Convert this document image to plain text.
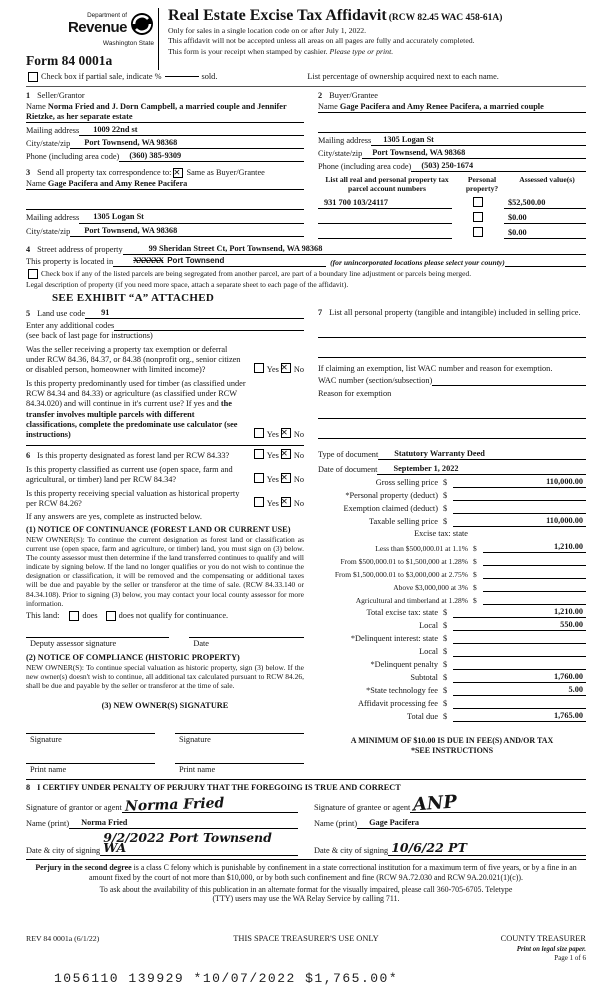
Department of
Revenue
Washington State
Form 84 0001a
Real Estate Excise Tax Affidavit (RCW 82.45 WAC 458-61A)
Only for sales in a single location code on or after July 1, 2022.
This affidavit will not be accepted unless all areas on all pages are fully and accurately completed.
This form is your receipt when stamped by cashier. Please type or print.
Check box if partial sale, indicate %	sold.	List percentage of ownership acquired next to each name.
1 Seller/Grantor
Name Norma Fried and J. Dorn Campbell, a married couple and Jennifer Rietzke, as her separate estate
Mailing address	1009 22nd st
City/state/zip	Port Townsend, WA 98368
Phone (including area code)	(360) 385-9309
3 Send all property tax correspondence to: × Same as Buyer/Grantee
Name Gage Pacifera and Amy Renee Pacifera
Mailing address	1305 Logan St
City/state/zip	Port Townsend, WA 98368
2 Buyer/Grantee
Name Gage Pacifera and Amy Renee Pacifera, a married couple
Mailing address	1305 Logan St
City/state/zip	Port Townsend, WA 98368
Phone (including area code)	(503) 250-1674
List all real and personal property tax parcel account numbers
Personal property?
Assessed value(s)
931 700 103/24117	$52,500.00
$0.00
$0.00
4 Street address of property	99 Sheridan Street Ct, Port Townsend, WA 98368
This property is located in	XXXXXX Port Townsend	(for unincorporated locations please select your county)
Check box if any of the listed parcels are being segregated from another parcel, are part of a boundary line adjustment or parcels being merged.
Legal description of property (if you need more space, attach a separate sheet to each page of the affidavit).
SEE EXHIBIT “A” ATTACHED
5 Land use code	91
Enter any additional codes
(see back of last page for instructions)
Was the seller receiving a property tax exemption or deferral under RCW 84.36, 84.37, or 84.38 (nonprofit org., senior citizen or disabled person, homeowner with limited income)?	Yes × No
Is this property predominantly used for timber (as classified under RCW 84.34 and 84.33) or agriculture (as classified under RCW 84.34.020) and will continue in it's current use? If yes and the transfer involves multiple parcels with different classifications, complete the predominate use calculator (see instructions)	Yes × No
6 Is this property designated as forest land per RCW 84.33?	Yes × No
Is this property classified as current use (open space, farm and agricultural, or timber) land per RCW 84.34?	Yes × No
Is this property receiving special valuation as historical property per RCW 84.26?	Yes × No
If any answers are yes, complete as instructed below.
(1) NOTICE OF CONTINUANCE (FOREST LAND OR CURRENT USE)
NEW OWNER(S): To continue the current designation as forest land or classification as current use (open space, farm and agriculture, or timber) land, you must sign on (3) below. The county assessor must then determine if the land transferred continues to qualify and will indicate by signing below. If the land no longer qualifies or you do not wish to continue the designation or classification, it will be removed and the compensating or additional taxes will be due and payable by the seller or transferor at the time of sale. (RCW 84.33.140 or 84.34.108). Prior to signing (3) below, you may contact your local county assessor for more information.
This land:	does	does not qualify for continuance.
Deputy assessor signature	Date
(2) NOTICE OF COMPLIANCE (HISTORIC PROPERTY)
NEW OWNER(S): To continue special valuation as historic property, sign (3) below. If the new owner(s) doesn't wish to continue, all additional tax calculated pursuant to RCW 84.26, shall be due and payable by the seller or transferor at the time of sale.
(3) NEW OWNER(S) SIGNATURE
Signature	Signature
Print name	Print name
7 List all personal property (tangible and intangible) included in selling price.
If claiming an exemption, list WAC number and reason for exemption.
WAC number (section/subsection)
Reason for exemption
Type of document	Statutory Warranty Deed
Date of document	September 1, 2022
Gross selling price $	110,000.00
*Personal property (deduct) $
Exemption claimed (deduct) $
Taxable selling price $	110,000.00
Excise tax: state
Less than $500,000.01 at 1.1% $	1,210.00
From $500,000.01 to $1,500,000 at 1.28% $
From $1,500,000.01 to $3,000,000 at 2.75% $
Above $3,000,000 at 3% $
Agricultural and timberland at 1.28% $
Total excise tax: state $	1,210.00
Local $	550.00
*Delinquent interest: state $
Local $
*Delinquent penalty $
Subtotal $	1,760.00
*State technology fee $	5.00
Affidavit processing fee $
Total due $	1,765.00
A MINIMUM OF $10.00 IS DUE IN FEE(S) AND/OR TAX
*SEE INSTRUCTIONS
8 I CERTIFY UNDER PENALTY OF PERJURY THAT THE FOREGOING IS TRUE AND CORRECT
Signature of grantor or agent Norma Fried	Signature of grantee or agent ANP
Name (print)	Norma Fried	Name (print)	Gage Pacifera
Date & city of signing
9/2/2022 Port Townsend WA	Date & city of signing 10/6/22 PT
Perjury in the second degree is a class C felony which is punishable by confinement in a state correctional institution for a maximum term of five years, or by a fine in an amount fixed by the court of not more than $10,000, or by both such confinement and fine (RCW 9A.72.030 and RCW 9A.20.021(1)(c)).
To ask about the availability of this publication in an alternate format for the visually impaired, please call 360-705-6705. Teletype
(TTY) users may use the WA Relay Service by calling 711.
REV 84 0001a (6/1/22)	THIS SPACE TREASURER'S USE ONLY	COUNTY TREASURER
Print on legal size paper.
Page 1 of 6
1056110 139929 *10/07/2022 $1,765.00*
